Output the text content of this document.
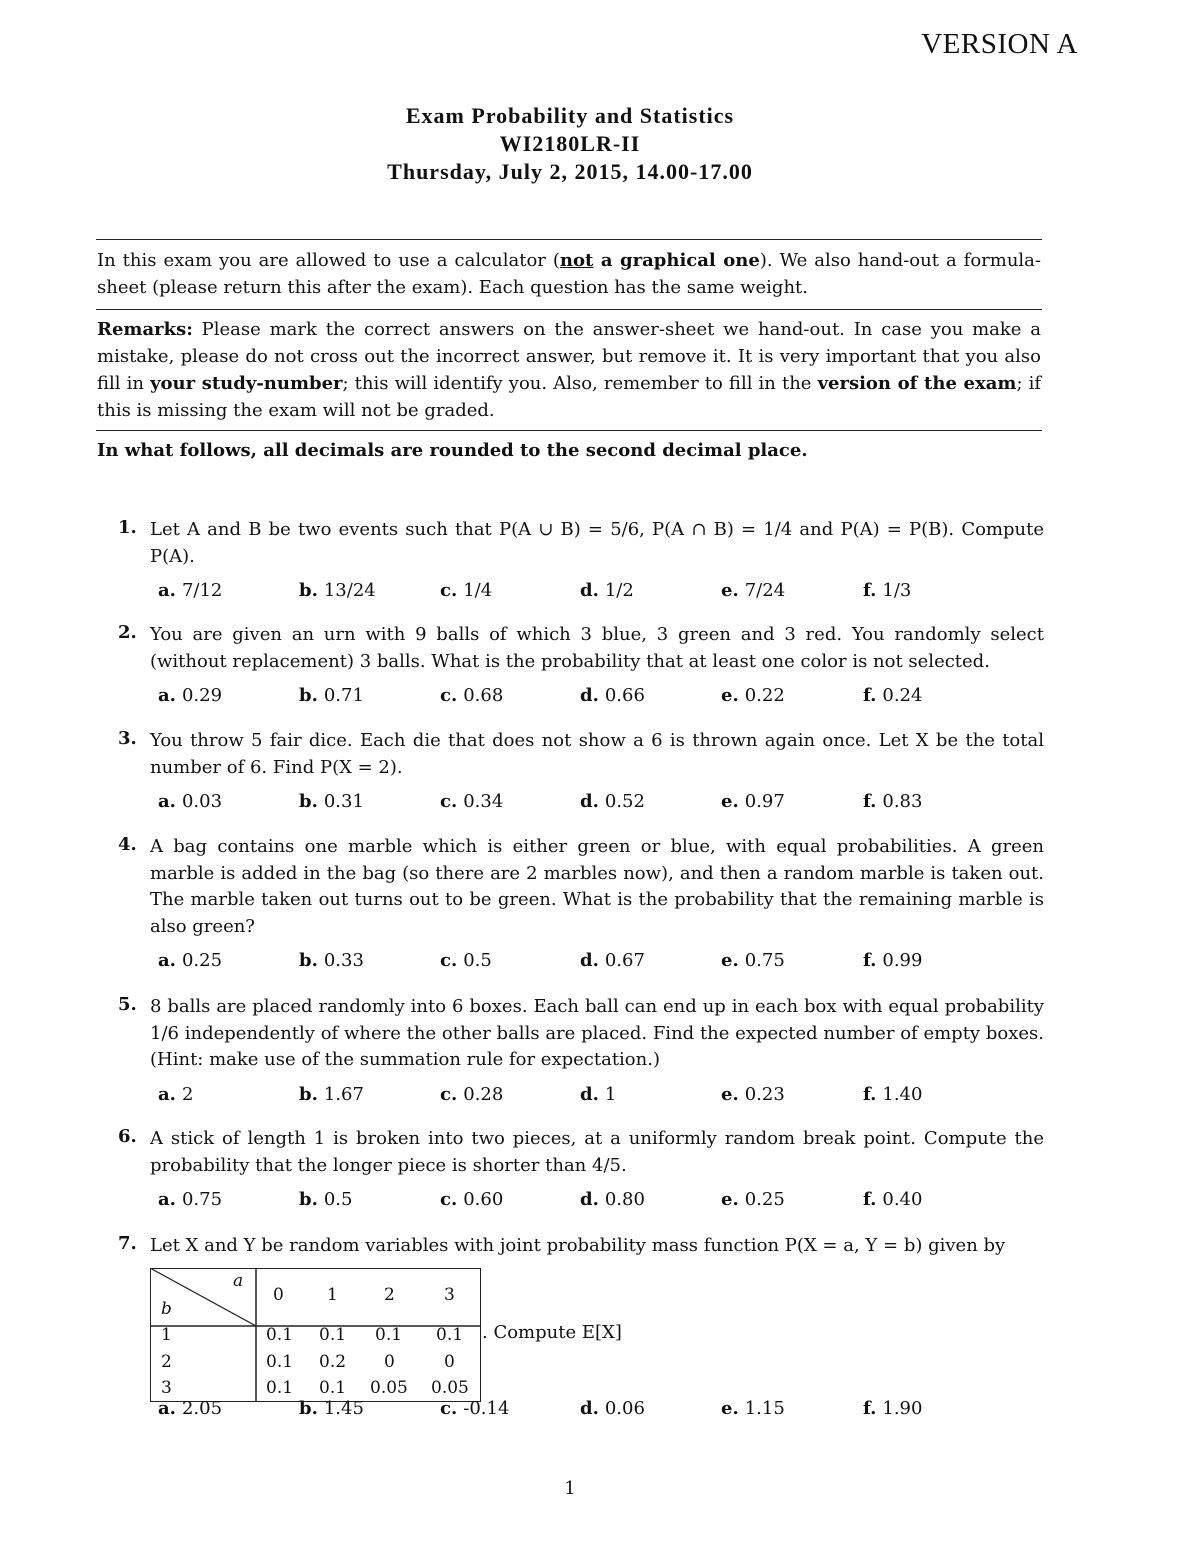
VERSION A
Exam Probability and Statistics
WI2180LR-II
Thursday, July 2, 2015, 14.00-17.00
In this exam you are allowed to use a calculator (not a graphical one). We also hand-out a formula-sheet (please return this after the exam). Each question has the same weight.
Remarks: Please mark the correct answers on the answer-sheet we hand-out. In case you make a mistake, please do not cross out the incorrect answer, but remove it. It is very important that you also fill in your study-number; this will identify you. Also, remember to fill in the version of the exam; if this is missing the exam will not be graded.
In what follows, all decimals are rounded to the second decimal place.
1. Let A and B be two events such that P(A ∪ B) = 5/6, P(A ∩ B) = 1/4 and P(A) = P(B). Compute P(A).
a. 7/12	b. 13/24	c. 1/4	d. 1/2	e. 7/24	f. 1/3
2. You are given an urn with 9 balls of which 3 blue, 3 green and 3 red. You randomly select (without replacement) 3 balls. What is the probability that at least one color is not selected.
a. 0.29	b. 0.71	c. 0.68	d. 0.66	e. 0.22	f. 0.24
3. You throw 5 fair dice. Each die that does not show a 6 is thrown again once. Let X be the total number of 6. Find P(X = 2).
a. 0.03	b. 0.31	c. 0.34	d. 0.52	e. 0.97	f. 0.83
4. A bag contains one marble which is either green or blue, with equal probabilities. A green marble is added in the bag (so there are 2 marbles now), and then a random marble is taken out. The marble taken out turns out to be green. What is the probability that the remaining marble is also green?
a. 0.25	b. 0.33	c. 0.5	d. 0.67	e. 0.75	f. 0.99
5. 8 balls are placed randomly into 6 boxes. Each ball can end up in each box with equal probability 1/6 independently of where the other balls are placed. Find the expected number of empty boxes. (Hint: make use of the summation rule for expectation.)
a. 2	b. 1.67	c. 0.28	d. 1	e. 0.23	f. 1.40
6. A stick of length 1 is broken into two pieces, at a uniformly random break point. Compute the probability that the longer piece is shorter than 4/5.
a. 0.75	b. 0.5	c. 0.60	d. 0.80	e. 0.25	f. 0.40
7. Let X and Y be random variables with joint probability mass function P(X = a, Y = b) given by
a
b
0	1	2	3
1	0.1 0.1 0.1 0.1
2	0.1 0.2 0	0
3	0.1 0.1 0.05 0.05
. Compute E[X]
a. 2.05	b. 1.45	c. -0.14	d. 0.06	e. 1.15	f. 1.90
1
